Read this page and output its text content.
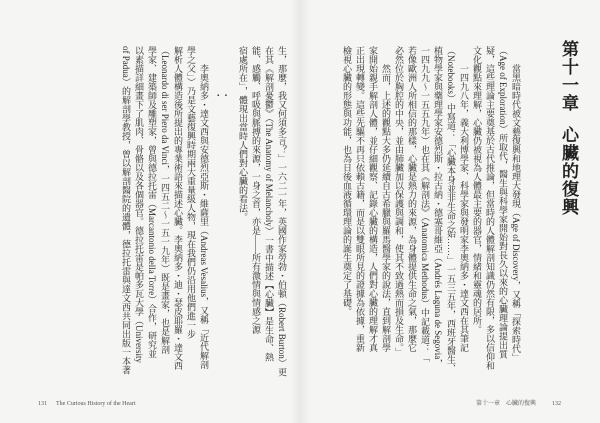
生，那麼，我又何須多言？」一六二一年，英國作家勞勃・伯頓（Robert Burton）更
在其《解剖憂鬱》（The Anatomy of Melancholy）一書中描述【心臟】是生命、熱
能、感觸、呼吸與脈搏的來源，一身之首，亦是——所有激情與情感之源
宿處所在」，體現出當時人們對心臟的看法。
▪ ▪
李奧納多・達文西與安德烈亞斯・維薩里（Andreas Vesalius，又稱「近代解剖
學之父」）乃是文藝復興時期兩大重量級人物，現在我們仍沿用他們進一步
解析人體構造後所提出的專業術語來描述心臟。李奧納多・迪・瑟皮耶羅・達文西
（Leonardo di ser Piero da Vinci，一四五二～一五一九年）既是畫家，也是解剖
學家、建築師及雕塑家，曾與德拉托雷（Marcantonio della Torre）合作，研究並
以素描詳細畫下了肌肉、骨骼以及各個器官。德拉托雷是帕多瓦大學（University
of Padua）的解剖學教授，曾以解剖醫院的遺體，德拉托雷與達文西共同出版一本著
131 The Curious History of the Heart
第十一章心臟的復興
當黑暗時代被文藝復興和地理大發現（Age of Discovery，又稱「探索時代」
（Age of Exploration）所取代，醫生與科學家開始對長久以來的心臟理論提出質
疑，這些理論主要奠基於古代推論，但當時的人體解剖知識仍然有限，多以信仰和
文化觀點來理解，心臟仍被視為人體最主要的器官，情緒和靈魂的居所。
一四九八年，義大利博學家、科學家與發明家李奧納多・達文西在其筆記
（Notebooks）中寫道：「心臟本身並非生命之始……」一五三五年，西班牙醫生、
植物學家與藥理學家安德烈斯・拉古納・德塞哥維亞（Andrés Laguna de Segovia，
一四九九～一五五九年）也在其《解剖法》（Anatomica Methodus）中記載道：「
若像歐洲人所相信的那樣，心臟是熱力的來源，為身體提供生命之氣，那麼它
必然位於胸腔的中央，並由肺臟加以保護與調和，使其不致過熱而損及生命。」
然而，上述的觀點大多仍延續自古希臘與羅馬醫學家的說法，直到解剖學
家開始親手解剖人體，並仔細觀察、記錄心臟的構造，人們對心臟的理解才真
正出現轉變。這些先驅不再只依賴古籍，而是以雙眼所見的證據為依據，重新
檢視心臟的形態與功能，也為日後血液循環理論的誕生奠定了基礎。
第十一章　心臟的復興	132
